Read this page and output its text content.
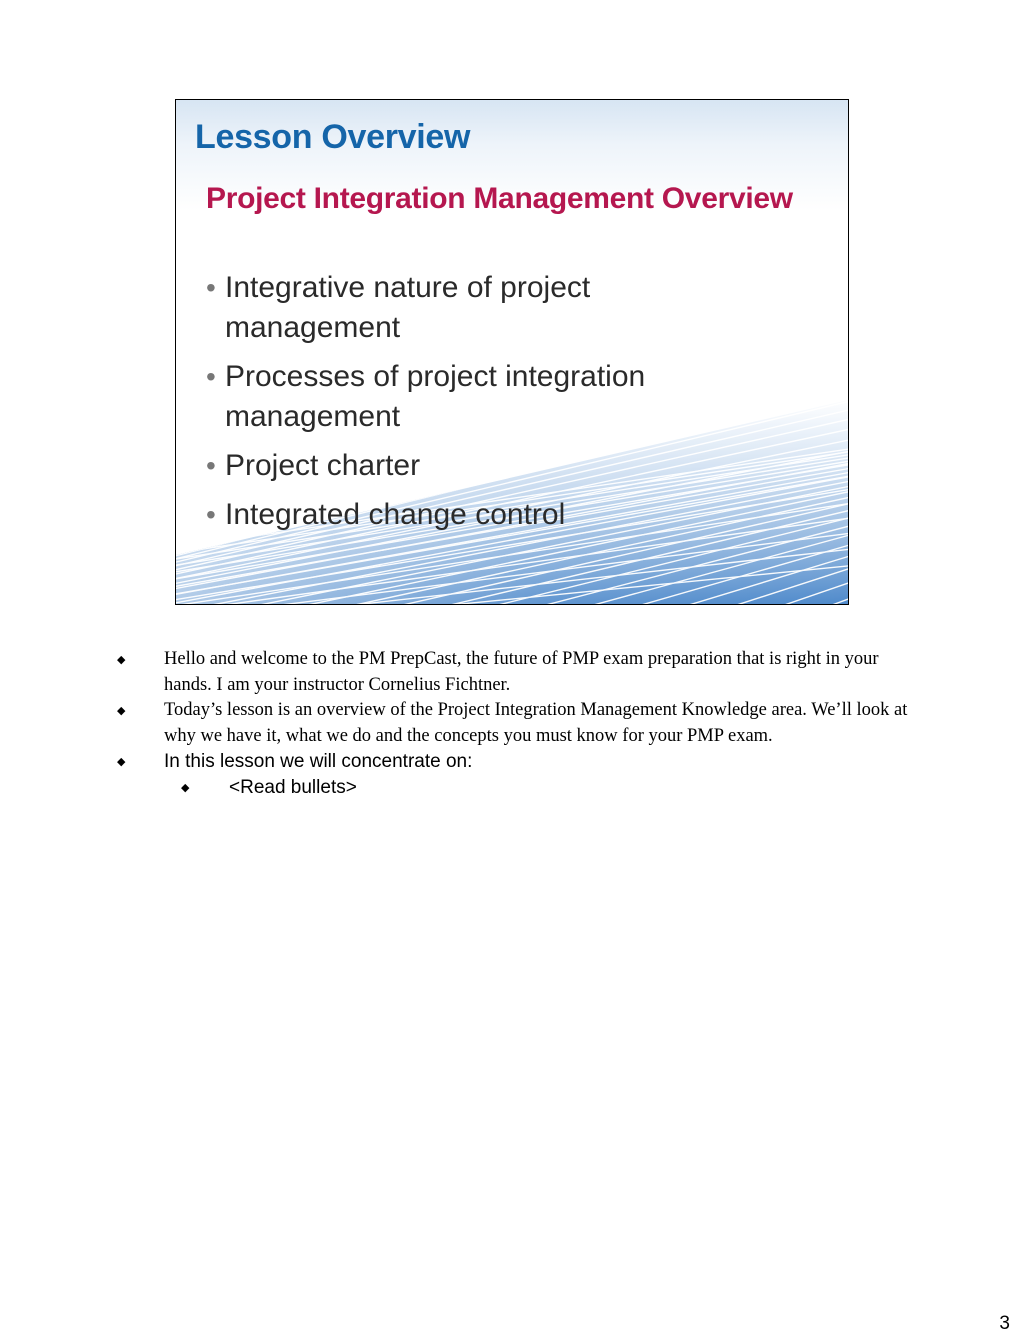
Lesson Overview
Project Integration Management Overview
• Integrative nature of project management
• Processes of project integration management
• Project charter
• Integrated change control
◆ Hello and welcome to the PM PrepCast, the future of PMP exam preparation that is right in your hands. I am your instructor Cornelius Fichtner.
◆ Today’s lesson is an overview of the Project Integration Management Knowledge area. We’ll look at why we have it, what we do and the concepts you must know for your PMP exam.
◆ In this lesson we will concentrate on:
◆ <Read bullets>
3
